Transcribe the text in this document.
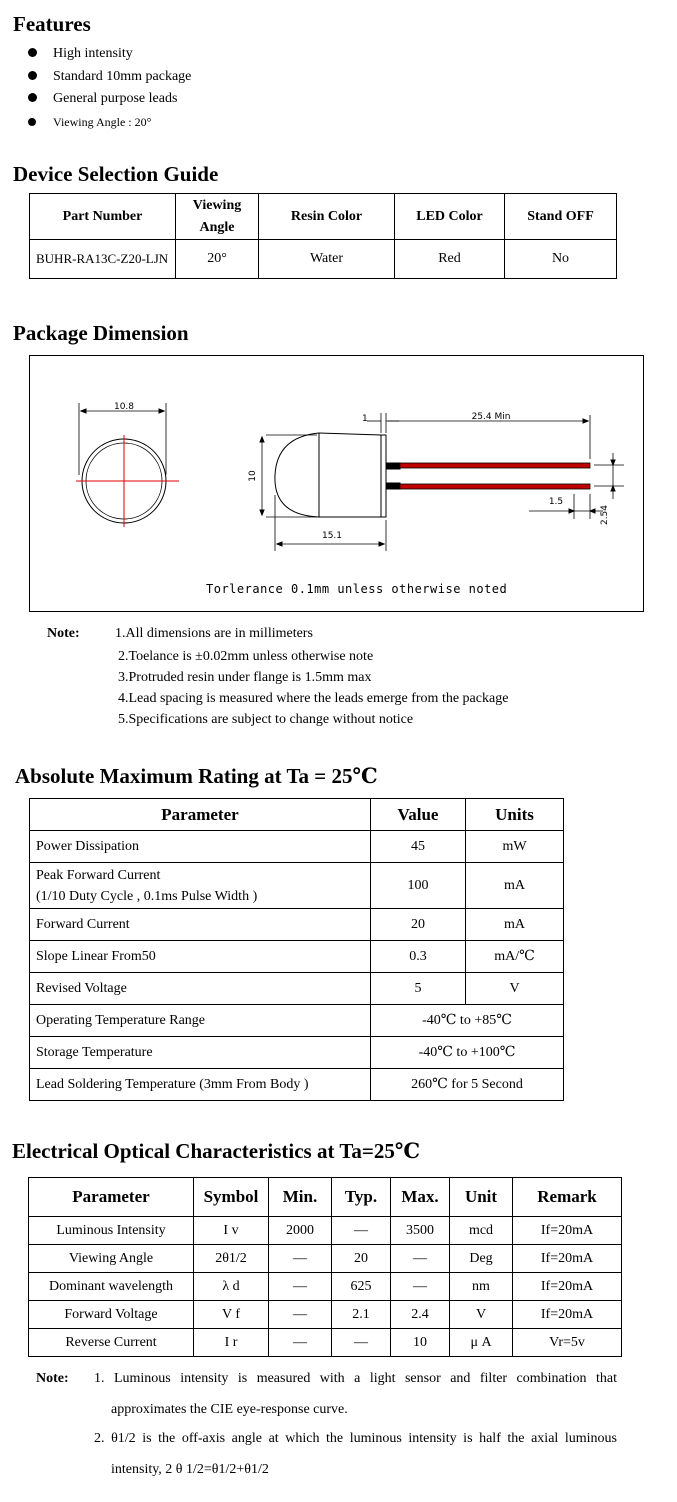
Features
High intensity
Standard 10mm package
General purpose leads
Viewing Angle : 20°
Device Selection Guide
Part Number	Viewing Angle	Resin Color	LED Color	Stand OFF
BUHR-RA13C-Z20-LJN	20°	Water	Red	No
Package Dimension
10.8
1	25.4 Min
10
15.1
1.5
2.54
Torlerance 0.1mm unless otherwise noted
Note:	1.All dimensions are in millimeters
2.Toelance is ±0.02mm unless otherwise note
3.Protruded resin under flange is 1.5mm max
4.Lead spacing is measured where the leads emerge from the package
5.Specifications are subject to change without notice
Absolute Maximum Rating at Ta = 25℃
Parameter	Value	Units
Power Dissipation	45	mW
Peak Forward Current
(1/10 Duty Cycle , 0.1ms Pulse Width )	100	mA
Forward Current	20	mA
Slope Linear From50	0.3	mA/℃
Revised Voltage	5	V
Operating Temperature Range	-40℃ to +85℃	
Storage Temperature	-40℃ to +100℃	
Lead Soldering Temperature (3mm From Body )	260℃ for 5 Second	
Electrical Optical Characteristics at Ta=25℃
Parameter	Symbol	Min.	Typ.	Max.	Unit	Remark
Luminous Intensity	I v	2000	—	3500	mcd	If=20mA
Viewing Angle	2θ1/2	—	20	—	Deg	If=20mA
Dominant wavelength	λ d	—	625	—	nm	If=20mA
Forward Voltage	V f	—	2.1	2.4	V	If=20mA
Reverse Current	I r	—	—	10	μ A	Vr=5v
Note: 1. Luminous intensity is measured with a light sensor and filter combination that
approximates the CIE eye-response curve.
2. θ1/2 is the off-axis angle at which the luminous intensity is half the axial luminous
intensity, 2 θ 1/2=θ1/2+θ1/2
